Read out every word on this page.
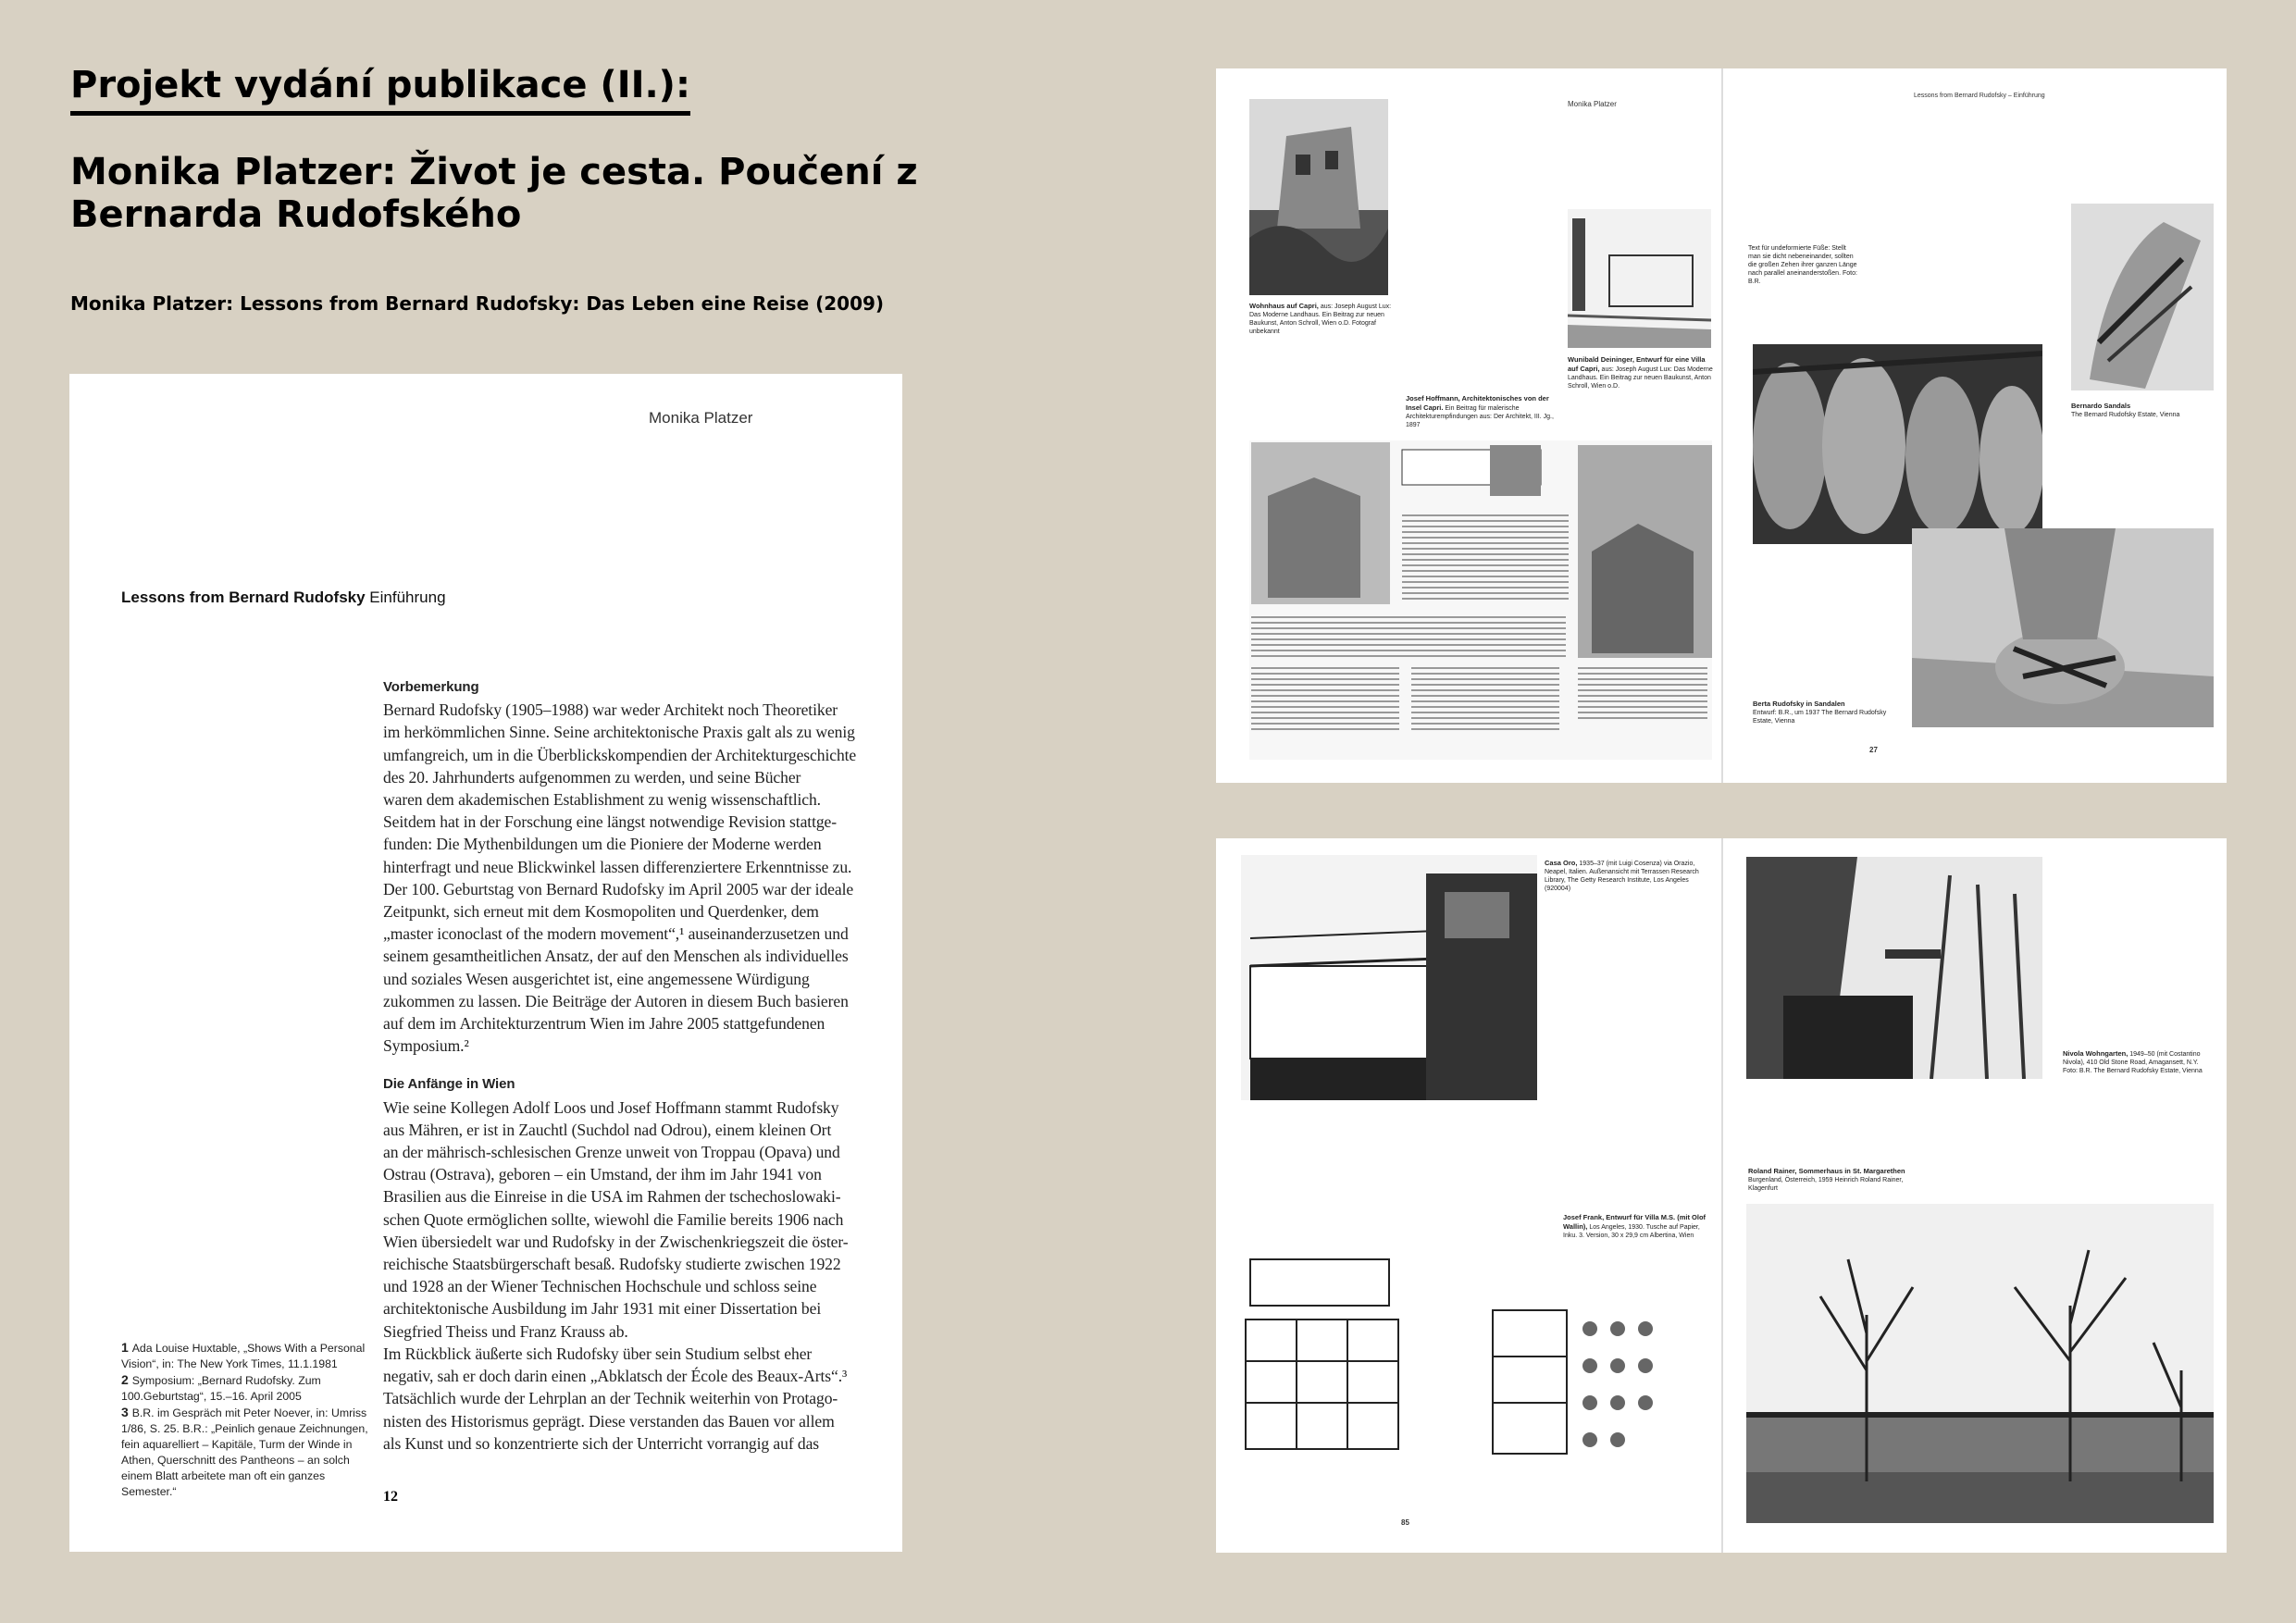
Projekt vydání publikace (II.):
Monika Platzer: Život je cesta. Poučení z Bernarda Rudofského
Monika Platzer: Lessons from Bernard Rudofsky: Das Leben eine Reise (2009)
Monika Platzer
Lessons from Bernard Rudofsky Einführung
Vorbemerkung

Bernard Rudofsky (1905–1988) war weder Architekt noch Theoretiker

im herkömmlichen Sinne. Seine architektonische Praxis galt als zu wenig

umfangreich, um in die Überblickskompendien der Architekturgeschichte

des 20. Jahrhunderts aufgenommen zu werden, und seine Bücher

waren dem akademischen Establishment zu wenig wissenschaftlich.

Seitdem hat in der Forschung eine längst notwendige Revision stattge-

funden: Die Mythenbildungen um die Pioniere der Moderne werden

hinterfragt und neue Blickwinkel lassen differenziertere Erkenntnisse zu.

Der 100. Geburtstag von Bernard Rudofsky im April 2005 war der ideale

Zeitpunkt, sich erneut mit dem Kosmopoliten und Querdenker, dem

„master iconoclast of the modern movement“,¹ auseinanderzusetzen und

seinem gesamtheitlichen Ansatz, der auf den Menschen als individuelles

und soziales Wesen ausgerichtet ist, eine angemessene Würdigung

zukommen zu lassen. Die Beiträge der Autoren in diesem Buch basieren

auf dem im Architekturzentrum Wien im Jahre 2005 stattgefundenen

Symposium.²

Die Anfänge in Wien

Wie seine Kollegen Adolf Loos und Josef Hoffmann stammt Rudofsky

aus Mähren, er ist in Zauchtl (Suchdol nad Odrou), einem kleinen Ort

an der mährisch-schlesischen Grenze unweit von Troppau (Opava) und

Ostrau (Ostrava), geboren – ein Umstand, der ihm im Jahr 1941 von

Brasilien aus die Einreise in die USA im Rahmen der tschechoslowaki-

schen Quote ermöglichen sollte, wiewohl die Familie bereits 1906 nach

Wien übersiedelt war und Rudofsky in der Zwischenkriegszeit die öster-

reichische Staatsbürgerschaft besaß. Rudofsky studierte zwischen 1922

und 1928 an der Wiener Technischen Hochschule und schloss seine

architektonische Ausbildung im Jahr 1931 mit einer Dissertation bei

Siegfried Theiss und Franz Krauss ab.

Im Rückblick äußerte sich Rudofsky über sein Studium selbst eher

negativ, sah er doch darin einen „Abklatsch der École des Beaux-Arts“.³

Tatsächlich wurde der Lehrplan an der Technik weiterhin von Protago-

nisten des Historismus geprägt. Diese verstanden das Bauen vor allem

als Kunst und so konzentrierte sich der Unterricht vorrangig auf das

1 Ada Louise Huxtable, „Shows With a Personal

Vision“, in: The New York Times, 11.1.1981

2 Symposium: „Bernard Rudofsky. Zum

100.Geburtstag“, 15.–16. April 2005

3 B.R. im Gespräch mit Peter Noever, in: Umriss

1/86, S. 25. B.R.: „Peinlich genaue Zeichnungen,

fein aquarelliert – Kapitäle, Turm der Winde in

Athen, Querschnitt des Pantheons – an solch

einem Blatt arbeitete man oft ein ganzes

Semester.“	12
Monika Platzer
Lessons from Bernard Rudofsky – Einführung
Wohnhaus auf Capri, aus: Joseph August Lux: Das Moderne Landhaus. Ein Beitrag zur neuen Baukunst, Anton Schroll, Wien o.D. Fotograf unbekannt
Wunibald Deininger, Entwurf für eine Villa auf Capri, aus: Joseph August Lux: Das Moderne Landhaus. Ein Beitrag zur neuen Baukunst, Anton Schroll, Wien o.D.
Josef Hoffmann, Architektonisches von der Insel Capri. Ein Beitrag für malerische Architekturempfindungen aus: Der Architekt, III. Jg., 1897
Text für undeformierte Füße: Stellt man sie dicht nebeneinander, sollten die großen Zehen ihrer ganzen Länge nach parallel aneinanderstoßen. Foto: B.R.
Bernardo Sandals
The Bernard Rudofsky Estate, Vienna
Berta Rudofsky in Sandalen
Entwurf: B.R., um 1937 The Bernard Rudofsky Estate, Vienna
27
Casa Oro, 1935–37 (mit Luigi Cosenza) via Orazio, Neapel, Italien. Außenansicht mit Terrassen Research Library, The Getty Research Institute, Los Angeles (920004)
Josef Frank, Entwurf für Villa M.S. (mit Olof Wallin), Los Angeles, 1930. Tusche auf Papier, Inku. 3. Version, 30 x 29,9 cm Albertina, Wien
85
Nivola Wohngarten, 1949–50 (mit Costantino Nivola), 410 Old Stone Road, Amagansett, N.Y. Foto: B.R. The Bernard Rudofsky Estate, Vienna
Roland Rainer, Sommerhaus in St. Margarethen
Burgenland, Österreich, 1959 Heinrich Roland Rainer, Klagenfurt
